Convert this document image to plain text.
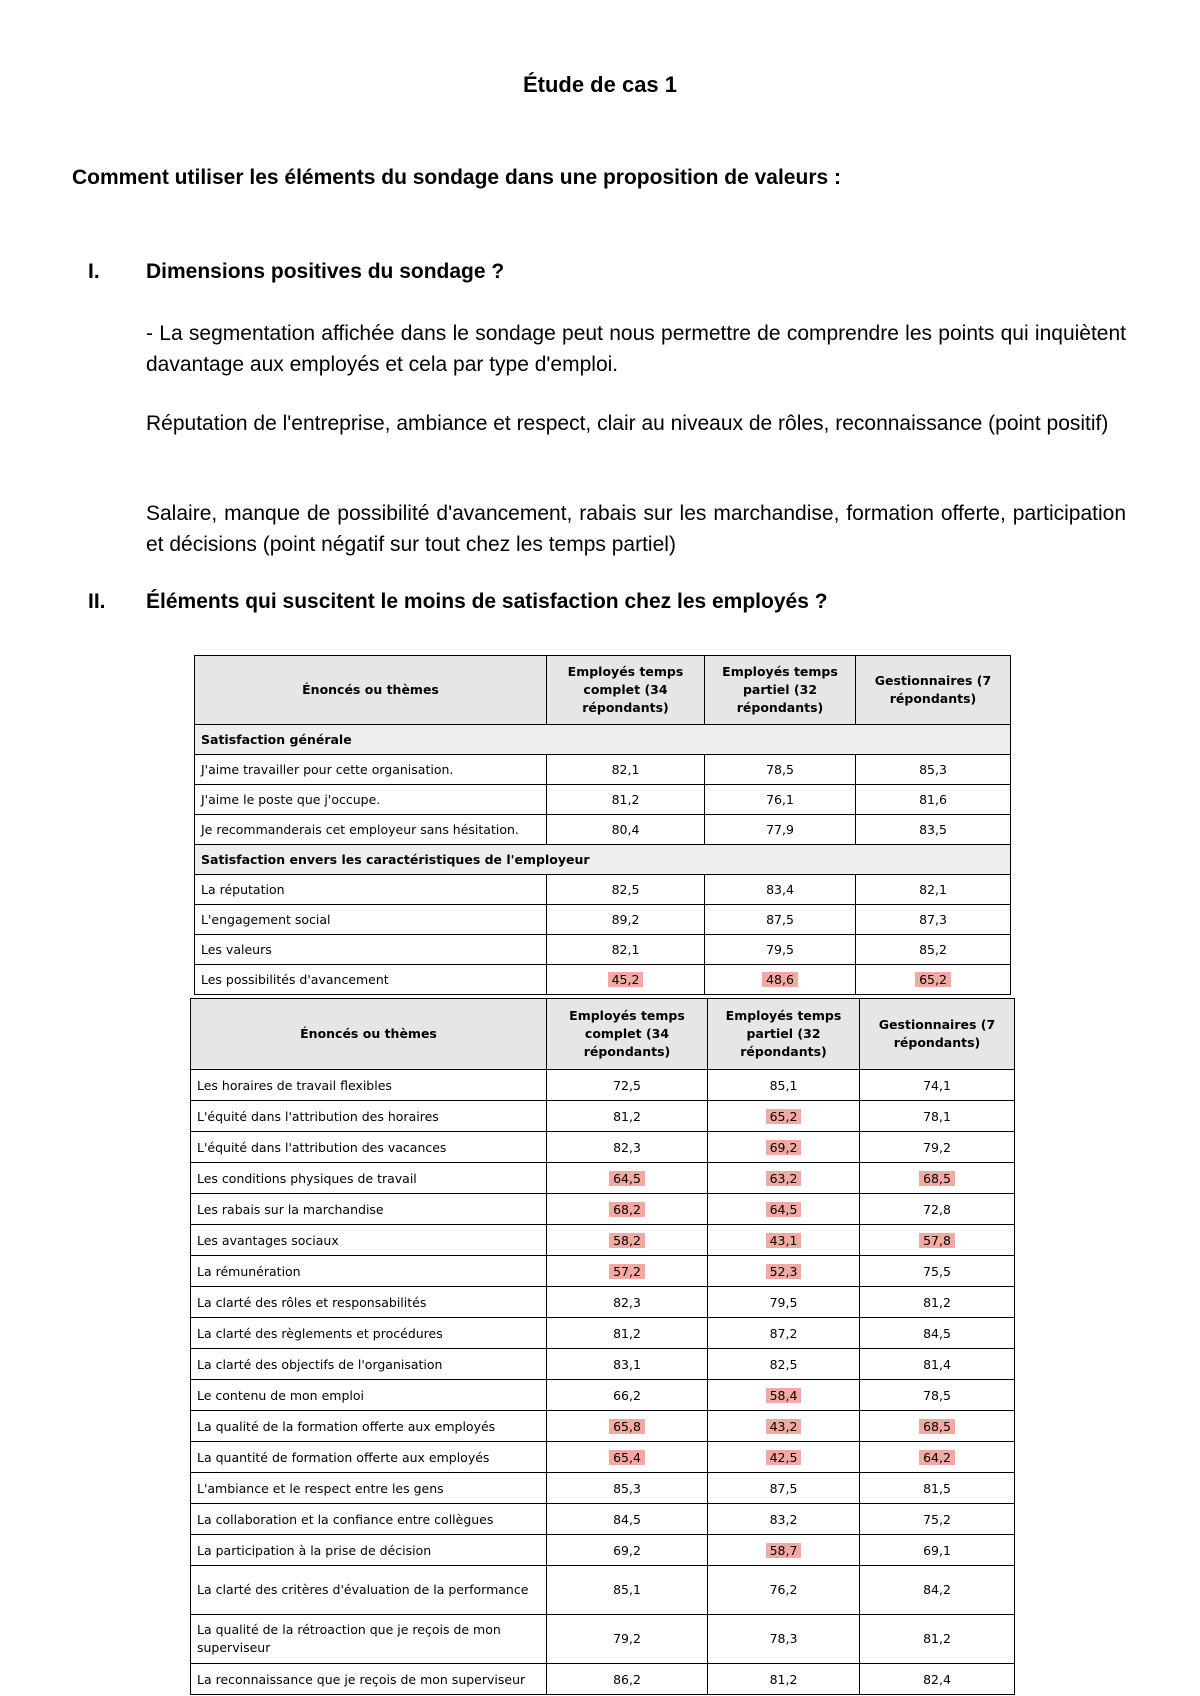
Étude de cas 1
Comment utiliser les éléments du sondage dans une proposition de valeurs :
I. Dimensions positives du sondage ?
- La segmentation affichée dans le sondage peut nous permettre de comprendre les points qui inquiètent davantage aux employés et cela par type d'emploi.
Réputation de l'entreprise, ambiance et respect, clair au niveaux de rôles, reconnaissance (point positif)
Salaire, manque de possibilité d'avancement, rabais sur les marchandise, formation offerte, participation et décisions (point négatif sur tout chez les temps partiel)
II. Éléments qui suscitent le moins de satisfaction chez les employés ?
Énoncés ou thèmes	Employés temps complet (34 répondants)	Employés temps partiel (32 répondants)	Gestionnaires (7 répondants)
Satisfaction générale			
J'aime travailler pour cette organisation.	82,1	78,5	85,3
J'aime le poste que j'occupe.	81,2	76,1	81,6
Je recommanderais cet employeur sans hésitation.	80,4	77,9	83,5
Satisfaction envers les caractéristiques de l'employeur			
La réputation	82,5	83,4	82,1
L'engagement social	89,2	87,5	87,3
Les valeurs	82,1	79,5	85,2
Les possibilités d'avancement	45,2	48,6	65,2
Énoncés ou thèmes	Employés temps complet (34 répondants)	Employés temps partiel (32 répondants)	Gestionnaires (7 répondants)
Les horaires de travail flexibles	72,5	85,1	74,1
L'équité dans l'attribution des horaires	81,2	65,2	78,1
L'équité dans l'attribution des vacances	82,3	69,2	79,2
Les conditions physiques de travail	64,5	63,2	68,5
Les rabais sur la marchandise	68,2	64,5	72,8
Les avantages sociaux	58,2	43,1	57,8
La rémunération	57,2	52,3	75,5
La clarté des rôles et responsabilités	82,3	79,5	81,2
La clarté des règlements et procédures	81,2	87,2	84,5
La clarté des objectifs de l'organisation	83,1	82,5	81,4
Le contenu de mon emploi	66,2	58,4	78,5
La qualité de la formation offerte aux employés	65,8	43,2	68,5
La quantité de formation offerte aux employés	65,4	42,5	64,2
L'ambiance et le respect entre les gens	85,3	87,5	81,5
La collaboration et la confiance entre collègues	84,5	83,2	75,2
La participation à la prise de décision	69,2	58,7	69,1
La clarté des critères d'évaluation de la performance	85,1	76,2	84,2
La qualité de la rétroaction que je reçois de mon superviseur	79,2	78,3	81,2
La reconnaissance que je reçois de mon superviseur	86,2	81,2	82,4
